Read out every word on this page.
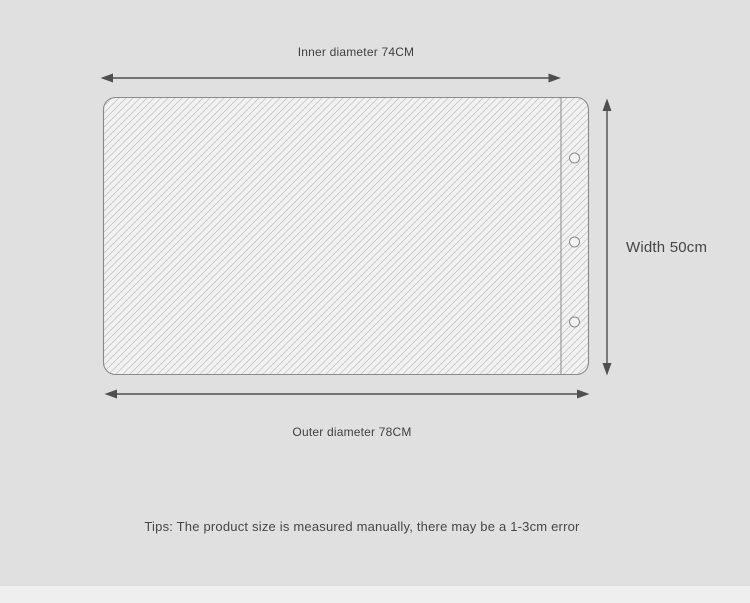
Inner diameter 74CM
Outer diameter 78CM
Width 50cm
Tips: The product size is measured manually, there may be a 1-3cm error
